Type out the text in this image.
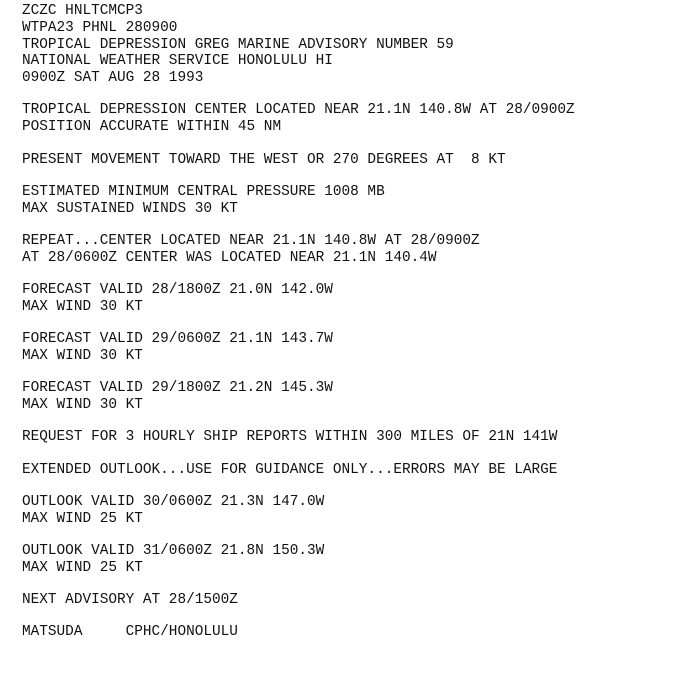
ZCZC HNLTCMCP3
WTPA23 PHNL 280900
TROPICAL DEPRESSION GREG MARINE ADVISORY NUMBER 59
NATIONAL WEATHER SERVICE HONOLULU HI
0900Z SAT AUG 28 1993
TROPICAL DEPRESSION CENTER LOCATED NEAR 21.1N 140.8W AT 28/0900Z
POSITION ACCURATE WITHIN 45 NM
PRESENT MOVEMENT TOWARD THE WEST OR 270 DEGREES AT  8 KT
ESTIMATED MINIMUM CENTRAL PRESSURE 1008 MB
MAX SUSTAINED WINDS 30 KT
REPEAT...CENTER LOCATED NEAR 21.1N 140.8W AT 28/0900Z
AT 28/0600Z CENTER WAS LOCATED NEAR 21.1N 140.4W
FORECAST VALID 28/1800Z 21.0N 142.0W
MAX WIND 30 KT
FORECAST VALID 29/0600Z 21.1N 143.7W
MAX WIND 30 KT
FORECAST VALID 29/1800Z 21.2N 145.3W
MAX WIND 30 KT
REQUEST FOR 3 HOURLY SHIP REPORTS WITHIN 300 MILES OF 21N 141W
EXTENDED OUTLOOK...USE FOR GUIDANCE ONLY...ERRORS MAY BE LARGE
OUTLOOK VALID 30/0600Z 21.3N 147.0W
MAX WIND 25 KT
OUTLOOK VALID 31/0600Z 21.8N 150.3W
MAX WIND 25 KT
NEXT ADVISORY AT 28/1500Z
MATSUDA     CPHC/HONOLULU
